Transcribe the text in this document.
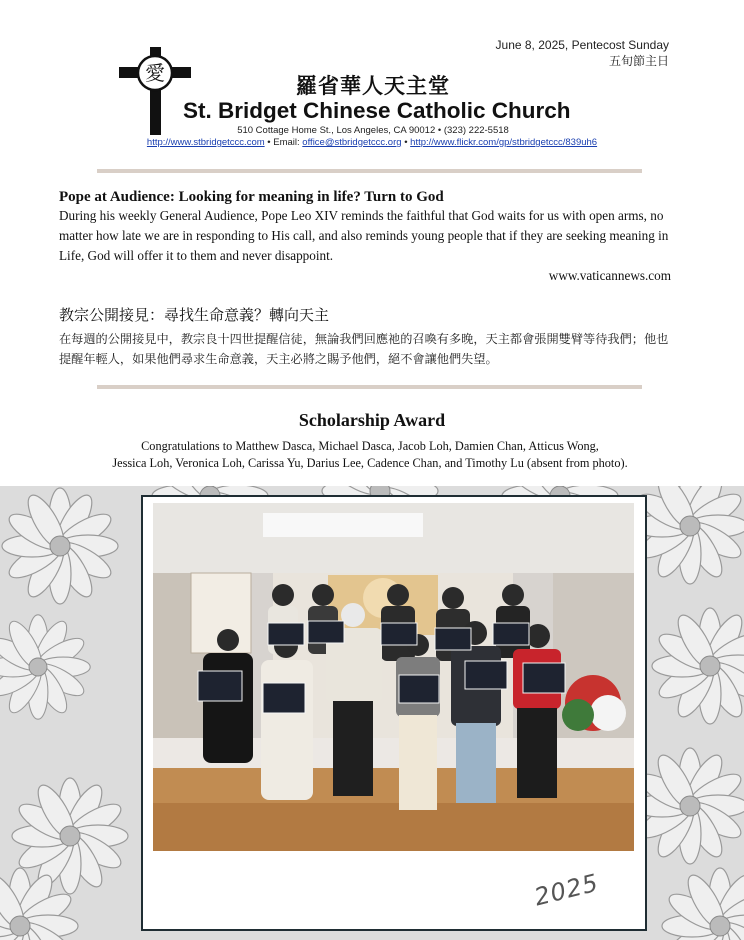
June 8, 2025, Pentecost Sunday
五旬節主日
愛
羅省華人天主堂
St. Bridget Chinese Catholic Church
510 Cottage Home St., Los Angeles, CA 90012 • (323) 222-5518
http://www.stbridgetccc.com • Email: office@stbridgetccc.org • http://www.flickr.com/gp/stbridgetccc/839uh6
Pope at Audience: Looking for meaning in life? Turn to God
During his weekly General Audience, Pope Leo XIV reminds the faithful that God waits for us with open arms, no matter how late we are in responding to His call, and also reminds young people that if they are seeking meaning in Life, God will offer it to them and never disappoint.
www.vaticannews.com
教宗公開接見：尋找生命意義？轉向天主
在每週的公開接見中，教宗良十四世提醒信徒，無論我們回應祂的召喚有多晚，天主都會張開雙臂等待我們；他也提醒年輕人，如果他們尋求生命意義，天主必將之賜予他們，絕不會讓他們失望。
Scholarship Award
Congratulations to Matthew Dasca, Michael Dasca, Jacob Loh, Damien Chan, Atticus Wong,
Jessica Loh, Veronica Loh, Carissa Yu, Darius Lee, Cadence Chan, and Timothy Lu (absent from photo).
2025
